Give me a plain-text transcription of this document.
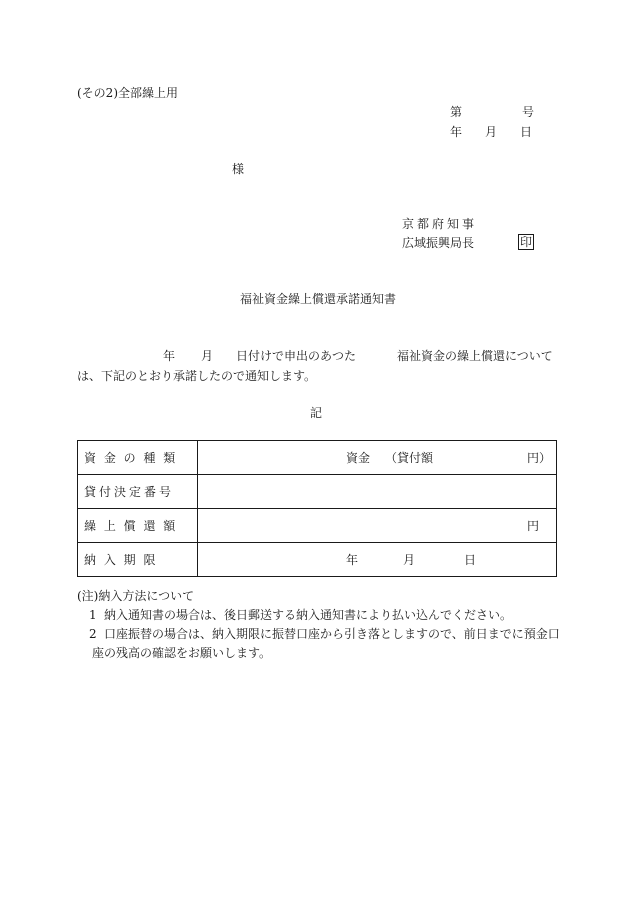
(その2)全部繰上用
第	号
年 月 日
様
京都府知事
広域振興局長	印
福祉資金繰上償還承諾通知書
年 月 日付けで申出のあつた	福祉資金の繰上償還について
は、下記のとおり承諾したので通知します。
記
資 金 の 種 類	資金 （貸付額 円）

貸付決定番号	
繰 上 償 還 額	円

納 入 期 限	年 月 日
(注)納入方法について
1 納入通知書の場合は、後日郵送する納入通知書により払い込んでください。
2 口座振替の場合は、納入期限に振替口座から引き落としますので、前日までに預金口
座の残高の確認をお願いします。
